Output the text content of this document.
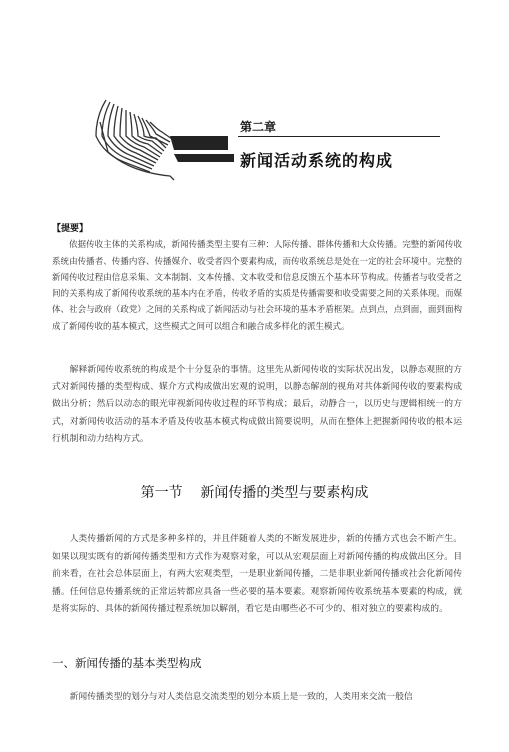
第二章
新闻活动系统的构成
【提要】

依据传收主体的关系构成，新闻传播类型主要有三种：人际传播、群体传播和大众传播。完整的新闻传收系统由传播者、传播内容、传播媒介、收受者四个要素构成，而传收系统总是处在一定的社会环境中。完整的新闻传收过程由信息采集、文本制制、文本传播、文本收受和信息反馈五个基本环节构成。传播者与收受者之间的关系构成了新闻传收系统的基本内在矛盾，传收矛盾的实质是传播需要和收受需要之间的关系体现。而媒体、社会与政府（政党）之间的关系构成了新闻活动与社会环境的基本矛盾框架。点到点，点到面，面到面构成了新闻传收的基本模式，这些模式之间可以组合和融合成多样化的派生模式。

解释新闻传收系统的构成是个十分复杂的事情。这里先从新闻传收的实际状况出发，以静态观照的方式对新闻传播的类型构成、媒介方式构成做出宏观的说明，以静态解剖的视角对共体新闻传收的要素构成做出分析；然后以动态的眼光审视新闻传收过程的环节构成；最后，动静合一，以历史与逻辑相统一的方式，对新闻传收活动的基本矛盾及传收基本模式构成做出简要说明，从而在整体上把握新闻传收的根本运行机制和动力结构方式。

第一节 新闻传播的类型与要素构成

人类传播新闻的方式是多种多样的，并且伴随着人类的不断发展进步，新的传播方式也会不断产生。如果以现实既有的新闻传播类型和方式作为观察对象，可以从宏观层面上对新闻传播的构成做出区分。目前来看，在社会总体层面上，有两大宏观类型，一是职业新闻传播，二是非职业新闻传播或社会化新闻传播。任何信息传播系统的正常运转都应具备一些必要的基本要素。观察新闻传收系统基本要素的构成，就是将实际的、具体的新闻传播过程系统加以解剖，看它是由哪些必不可少的、相对独立的要素构成的。

一、新闻传播的基本类型构成

新闻传播类型的划分与对人类信息交流类型的划分本质上是一致的，人类用来交流一般信
